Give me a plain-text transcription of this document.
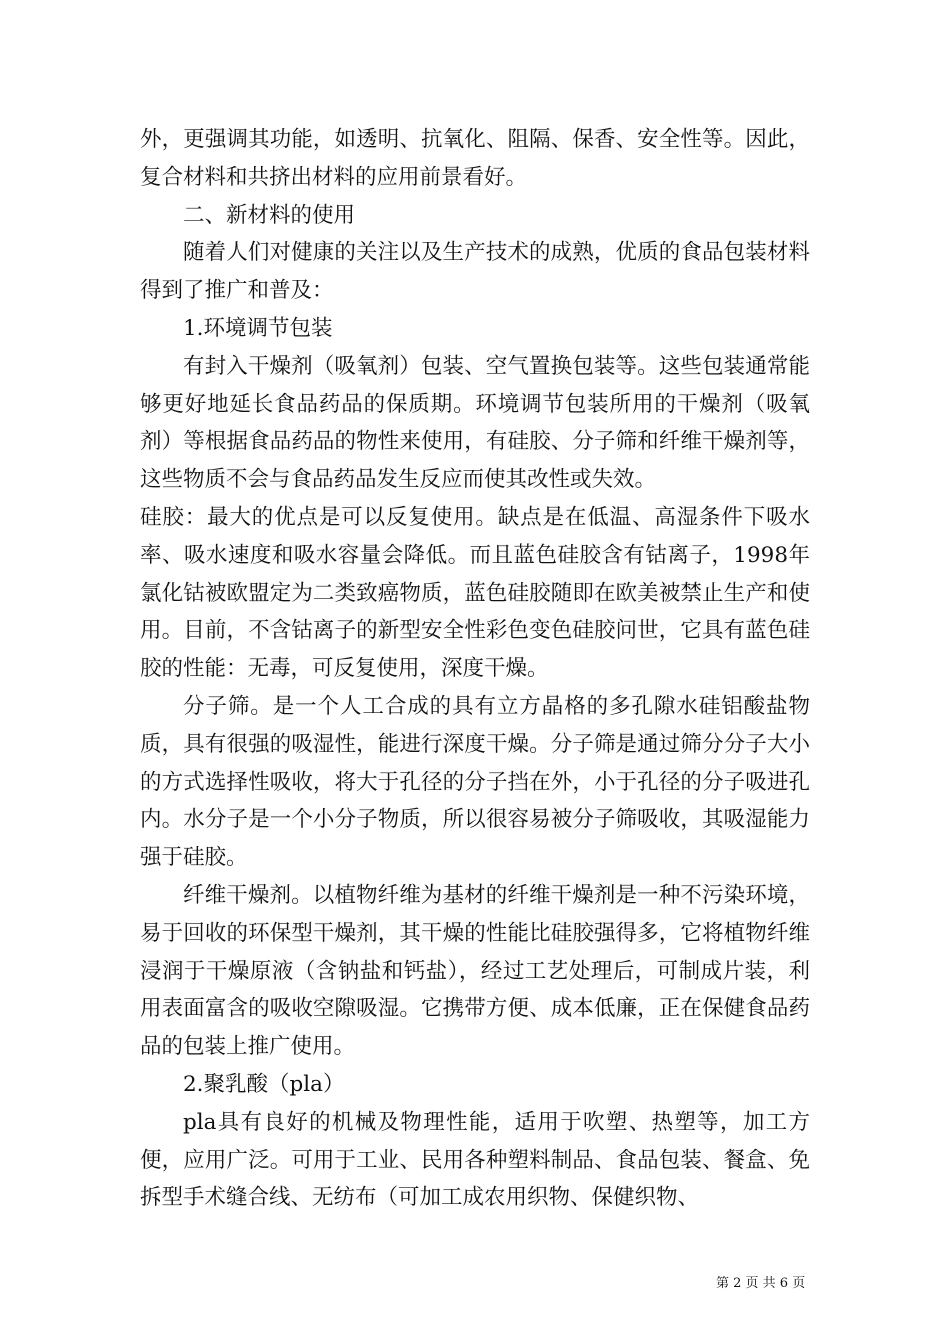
外，更强调其功能，如透明、抗氧化、阻隔、保香、安全性等。因此，复合材料和共挤出材料的应用前景看好。

二、新材料的使用

随着人们对健康的关注以及生产技术的成熟，优质的食品包装材料得到了推广和普及：

1.环境调节包装

有封入干燥剂（吸氧剂）包装、空气置换包装等。这些包装通常能够更好地延长食品药品的保质期。环境调节包装所用的干燥剂（吸氧剂）等根据食品药品的物性来使用，有硅胶、分子筛和纤维干燥剂等，这些物质不会与食品药品发生反应而使其改性或失效。

硅胶：最大的优点是可以反复使用。缺点是在低温、高湿条件下吸水率、吸水速度和吸水容量会降低。而且蓝色硅胶含有钴离子，1998年氯化钴被欧盟定为二类致癌物质，蓝色硅胶随即在欧美被禁止生产和使用。目前，不含钴离子的新型安全性彩色变色硅胶问世，它具有蓝色硅胶的性能：无毒，可反复使用，深度干燥。

分子筛。是一个人工合成的具有立方晶格的多孔隙水硅铝酸盐物质，具有很强的吸湿性，能进行深度干燥。分子筛是通过筛分分子大小的方式选择性吸收，将大于孔径的分子挡在外，小于孔径的分子吸进孔内。水分子是一个小分子物质，所以很容易被分子筛吸收，其吸湿能力强于硅胶。

纤维干燥剂。以植物纤维为基材的纤维干燥剂是一种不污染环境，易于回收的环保型干燥剂，其干燥的性能比硅胶强得多，它将植物纤维浸润于干燥原液（含钠盐和钙盐），经过工艺处理后，可制成片装，利用表面富含的吸收空隙吸湿。它携带方便、成本低廉，正在保健食品药品的包装上推广使用。

2.聚乳酸（pla）

pla具有良好的机械及物理性能，适用于吹塑、热塑等，加工方便，应用广泛。可用于工业、民用各种塑料制品、食品包装、餐盒、免拆型手术缝合线、无纺布（可加工成农用织物、保健织物、

第 2 页 共 6 页
